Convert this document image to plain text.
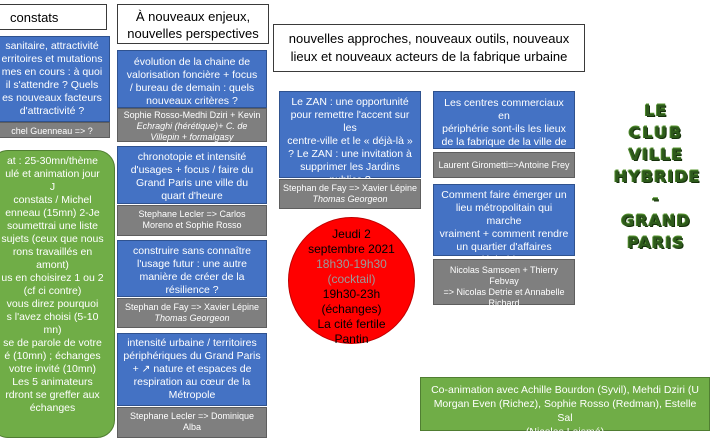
constats	À nouveaux enjeux,
nouvelles perspectives	nouvelles approches, nouveaux outils, nouveaux
lieux et nouveaux acteurs de la fabrique urbaine
sanitaire, attractivité
erritoires et mutations
mes en cours : à quoi
il s'attendre ? Quels
es nouveaux facteurs
d'attractivité ?
chel Guenneau => ?
at : 25-30mn/thème
ulé et animation jour
J
constats / Michel
enneau (15mn) 2-Je
soumettrai une liste
sujets (ceux que nous
rons travaillés en
amont)
us en choisirez 1 ou 2
(cf ci contre)
vous direz pourquoi
s l'avez choisi (5-10
mn)
se de parole de votre
é (10mn) ; échanges
votre invité (10mn)
Les 5 animateurs
rdront se greffer aux
échanges
évolution de la chaine de
valorisation foncière + focus
/ bureau de demain : quels
nouveaux critères ?
Sophie Rosso-Medhi Dziri + Kevin
Echraghi (hérétique)+ C. de
Villepin + formalgasy
chronotopie et intensité
d'usages + focus / faire du
Grand Paris une ville du
quart d'heure
Stephane Lecler => Carlos
Moreno et Sophie Rosso
construire sans connaître
l'usage futur : une autre
manière de créer de la
résilience ?
Stephan de Fay => Xavier Lépine
Thomas Georgeon
intensité urbaine / territoires
périphériques du Grand Paris
+ ↗ nature et espaces de
respiration au cœur de la
Métropole
Stephane Lecler => Dominique
Alba
Le ZAN : une opportunité
pour remettre l'accent sur les
centre-ville et le « déjà-là »
? Le ZAN : une invitation à
supprimer les Jardins
Stephan de Fay => Xavier Lépine
Thomas Georgeon
Jeudi 2
septembre 2021
18h30-19h30
(cocktail)
19h30-23h
(échanges)
La cité fertile
Pantin
Les centres commerciaux en
périphérie sont-ils les lieux
de la fabrique de la ville de
Laurent Girometti=>Antoine Frey
Comment faire émerger un
lieu métropolitain qui marche
vraiment + comment rendre
un quartier d'affaires
Nicolas Samsoen + Thierry Febvay
=> Nicolas Detrie et Annabelle
Richard
Co-animation avec Achille Bourdon (Syvil), Mehdi Dziri (U
Morgan Even (Richez), Sophie Rosso (Redman), Estelle Sal
(Nicolas Laismé)
LE
CLUB
VILLE
HYBRIDE
-
GRAND
PARIS
